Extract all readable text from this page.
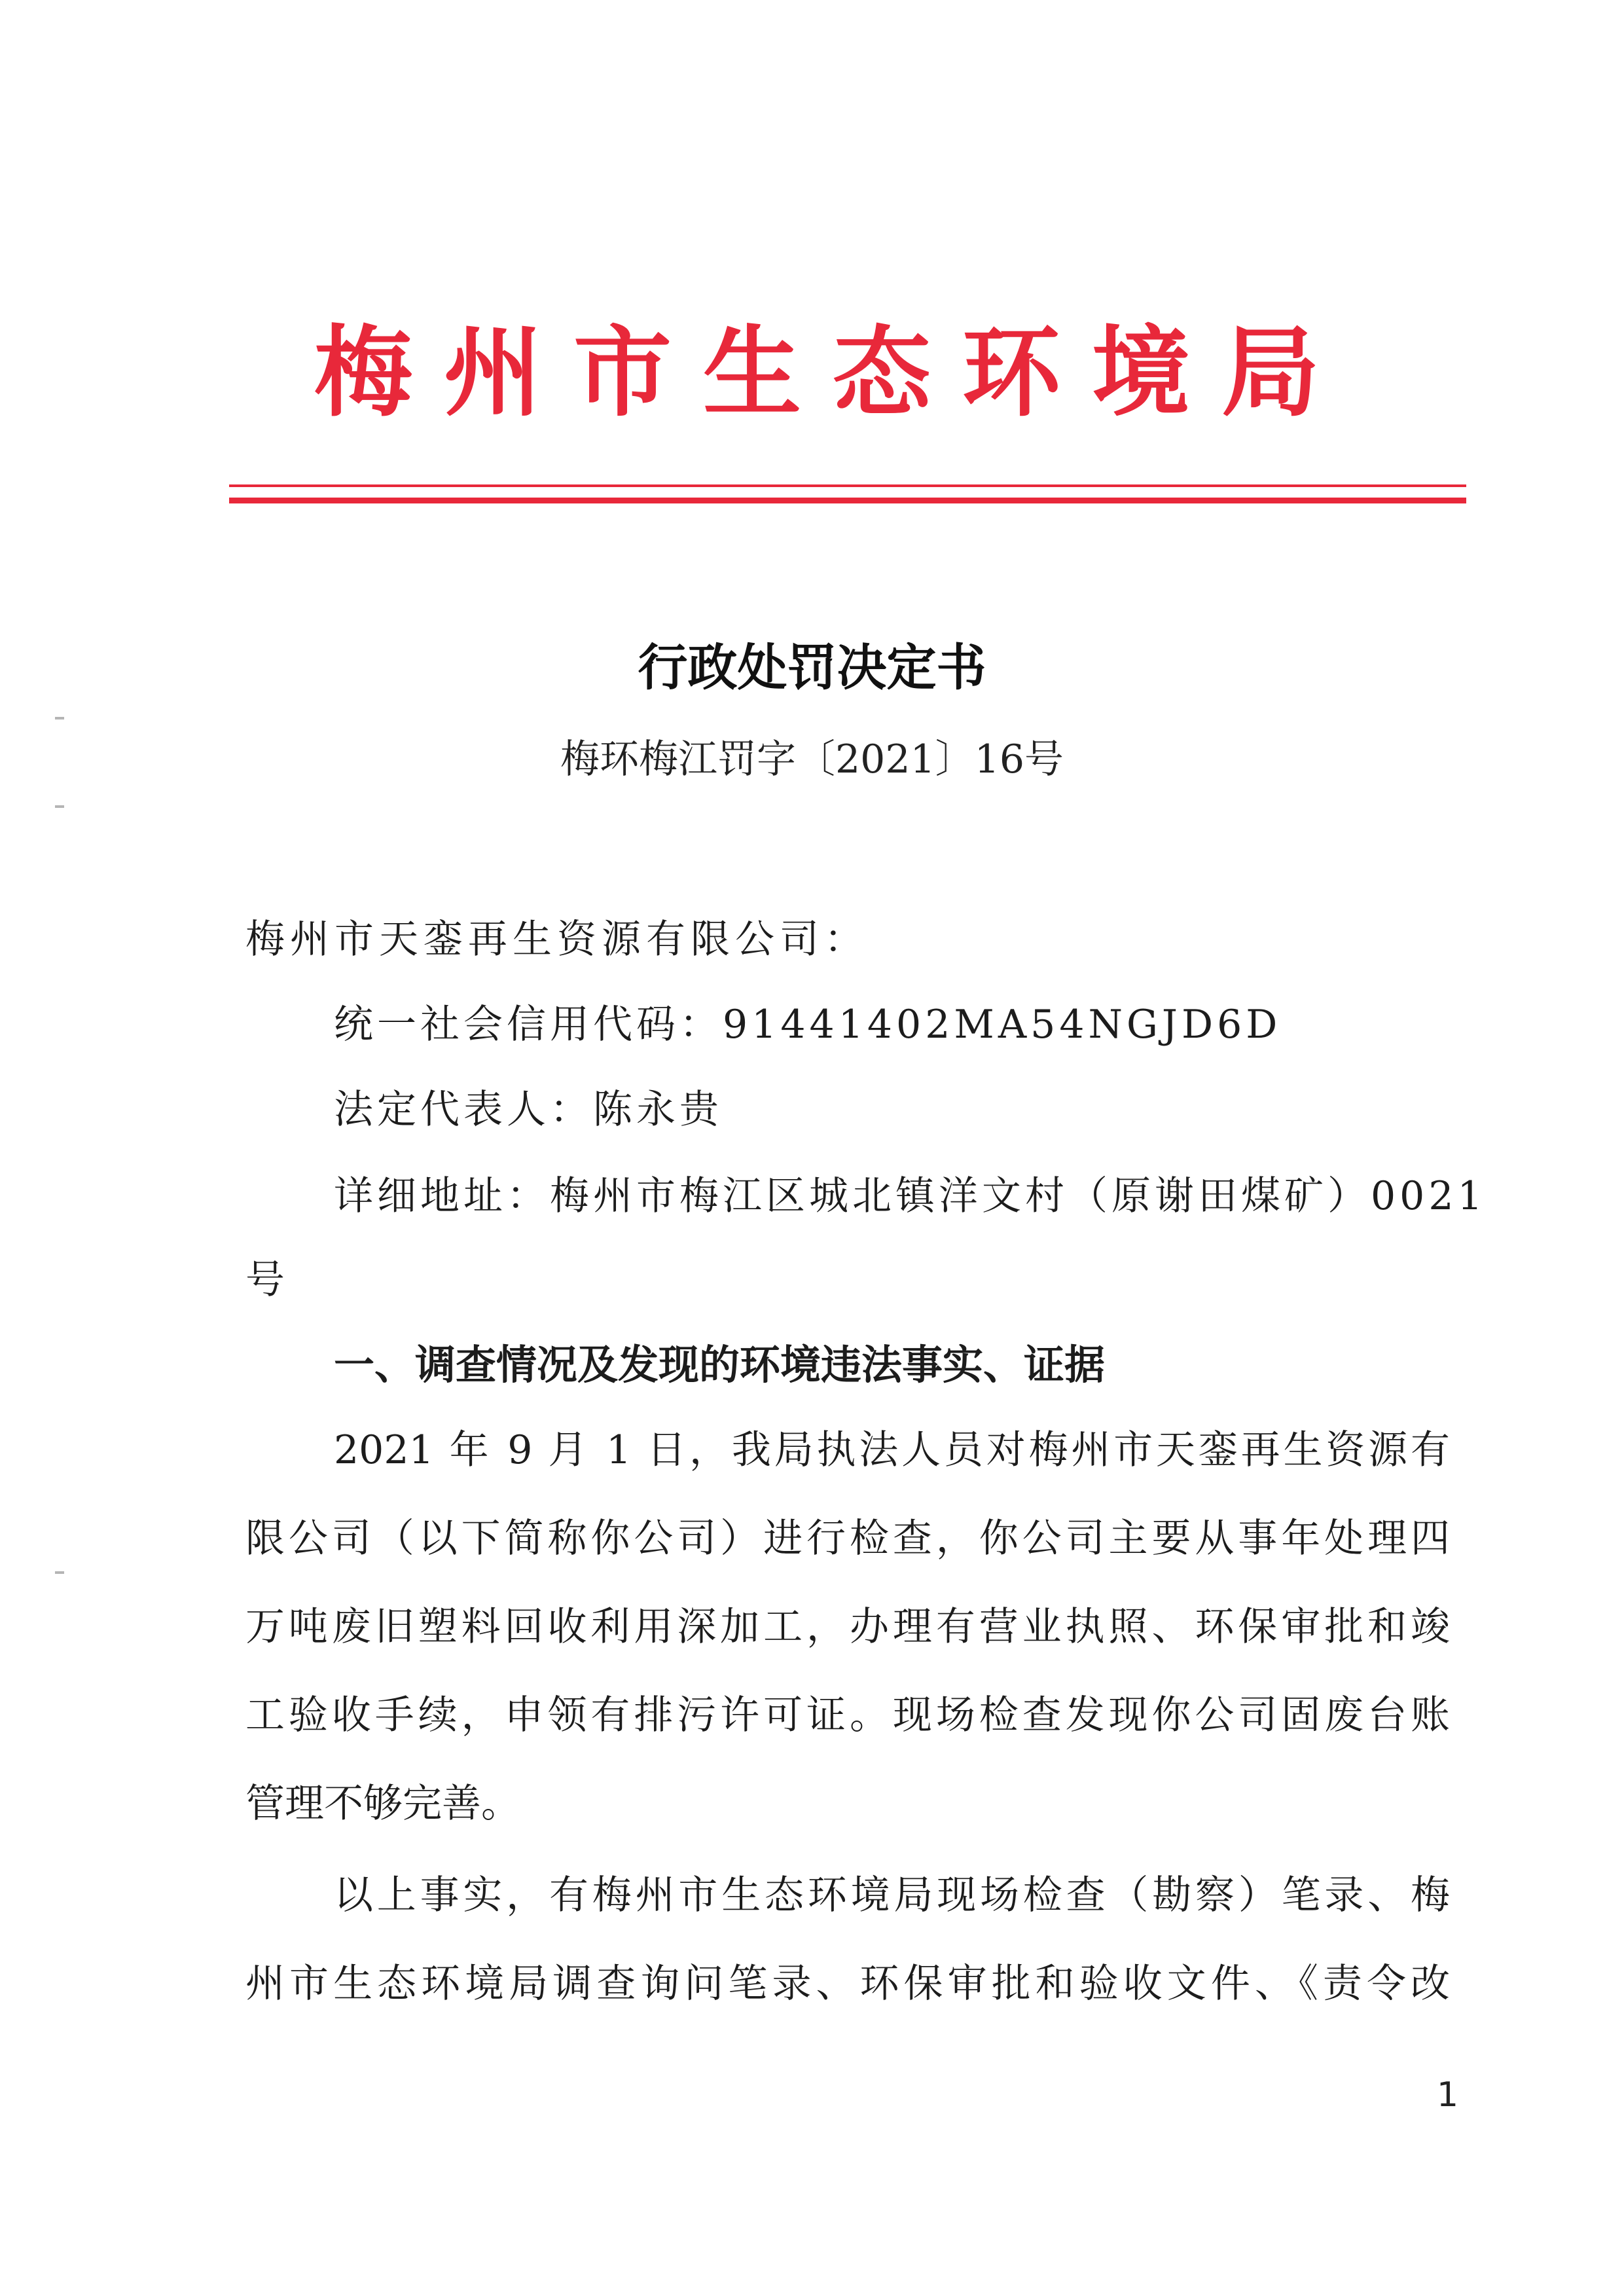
梅州市生态环境局
行政处罚决定书
梅环梅江罚字〔2021〕16号
梅州市天銮再生资源有限公司：
统一社会信用代码：91441402MA54NGJD6D
法定代表人：陈永贵
详细地址：梅州市梅江区城北镇洋文村（原谢田煤矿）0021
号
一、调查情况及发现的环境违法事实、证据
2021 年 9 月 1 日，我局执法人员对梅州市天銮再生资源有
限公司（以下简称你公司）进行检查，你公司主要从事年处理四
万吨废旧塑料回收利用深加工，办理有营业执照、环保审批和竣
工验收手续，申领有排污许可证。现场检查发现你公司固废台账
管理不够完善。
以上事实，有梅州市生态环境局现场检查（勘察）笔录、梅
州市生态环境局调查询问笔录、环保审批和验收文件、《责令改
1
